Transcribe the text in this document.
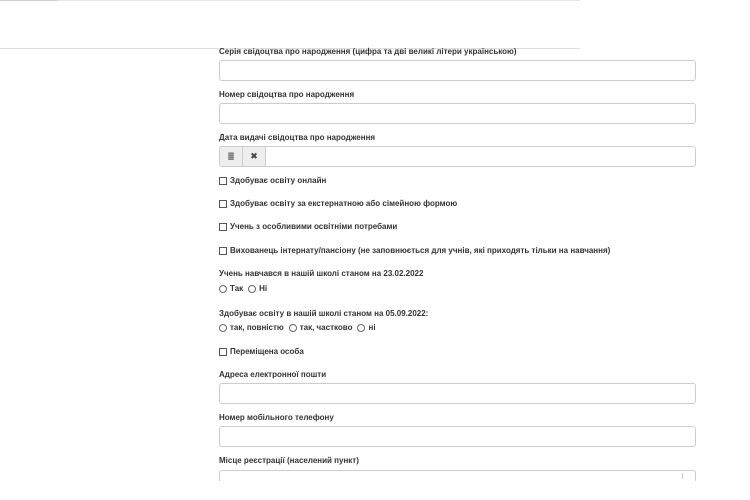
Серія свідоцтва про народження (цифра та дві великі літери українською)
Номер свідоцтва про народження
Дата видачі свідоцтва про народження
≣	✖
Здобуває освіту онлайн
Здобуває освіту за екстернатною або сімейною формою
Учень з особливими освітніми потребами
Вихованець інтернату/пансіону (не заповнюється для учнів, які приходять тільки на навчання)
Учень навчався в нашій школі станом на 23.02.2022
Так Ні
Здобуває освіту в нашій школі станом на 05.09.2022:
так, повністю так, частково ні
Переміщена особа
Адреса електронної пошти
Номер мобільного телефону
Місце реєстрації (населений пункт)
